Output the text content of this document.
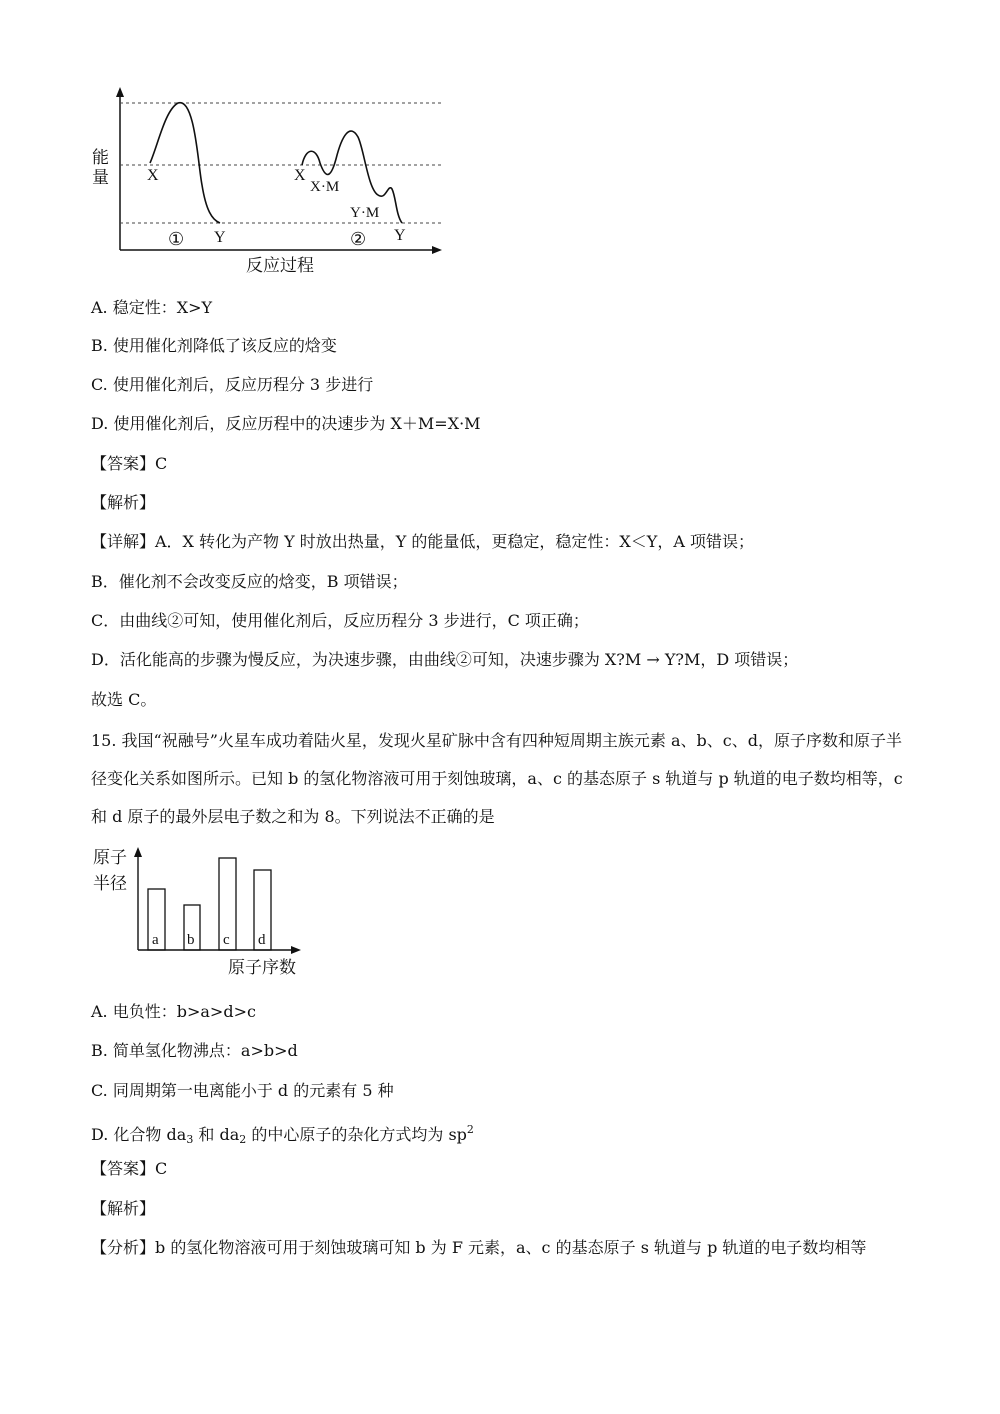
能
量 X
① Y
X
X·M
Y·M
② Y
反应过程
A. 稳定性：X>Y
B. 使用催化剂降低了该反应的焓变
C. 使用催化剂后，反应历程分 3 步进行
D. 使用催化剂后，反应历程中的决速步为 X＋M=X·M
【答案】C
【解析】
【详解】A．X 转化为产物 Y 时放出热量，Y 的能量低，更稳定，稳定性：X＜Y，A 项错误；
B．催化剂不会改变反应的焓变，B 项错误；
C．由曲线②可知，使用催化剂后，反应历程分 3 步进行，C 项正确；
D．活化能高的步骤为慢反应，为决速步骤，由曲线②可知，决速步骤为 X?M → Y?M，D 项错误；
故选 C。
15. 我国“祝融号”火星车成功着陆火星，发现火星矿脉中含有四种短周期主族元素 a、b、c、d，原子序数和原子半径变化关系如图所示。已知 b 的氢化物溶液可用于刻蚀玻璃，a、c 的基态原子 s 轨道与 p 轨道的电子数均相等，c 和 d 原子的最外层电子数之和为 8。下列说法不正确的是
原子
半径
a b c d
原子序数
A. 电负性：b>a>d>c
B. 简单氢化物沸点：a>b>d
C. 同周期第一电离能小于 d 的元素有 5 种
D. 化合物 $da_3$ 和 $da_2$ 的中心原子的杂化方式均为 $sp^2$
【答案】C
【解析】
【分析】b 的氢化物溶液可用于刻蚀玻璃可知 b 为 F 元素，a、c 的基态原子 s 轨道与 p 轨道的电子数均相等
